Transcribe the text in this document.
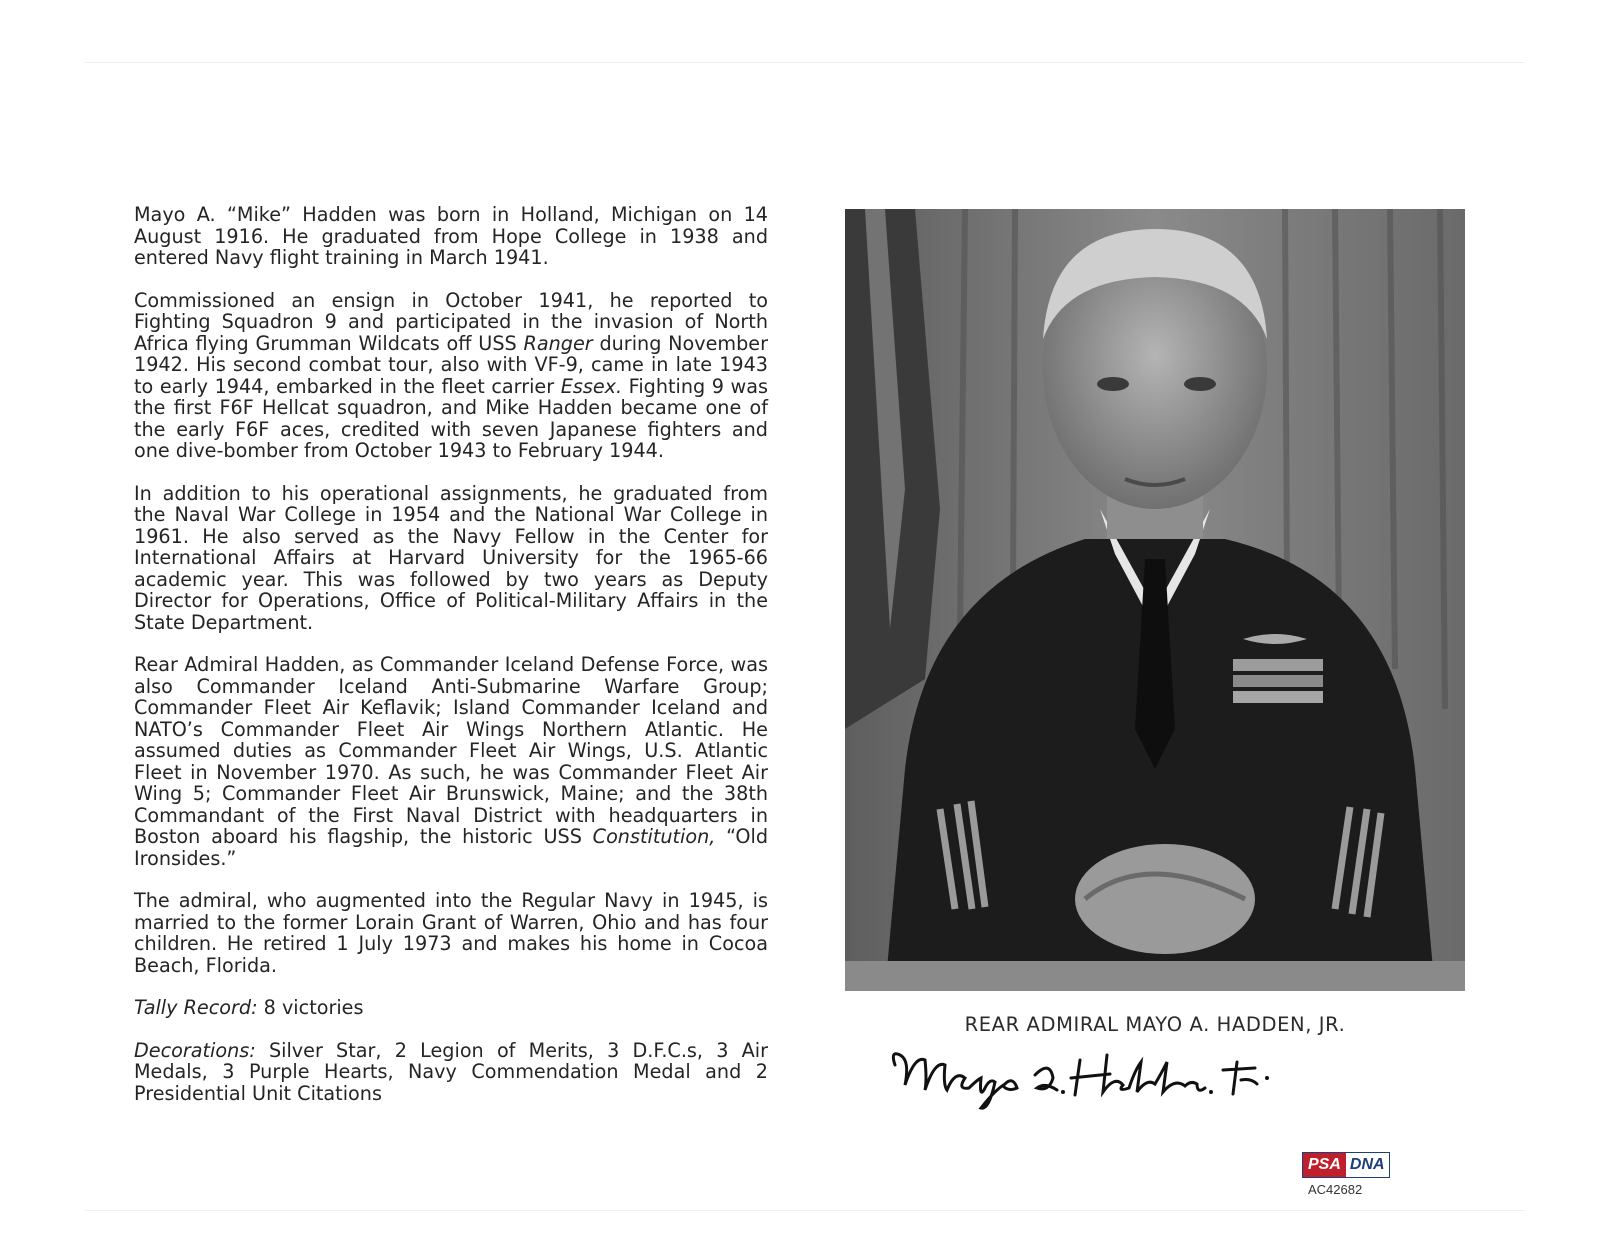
Mayo A. “Mike” Hadden was born in Holland, Michigan on 14 August 1916. He graduated from Hope College in 1938 and entered Navy flight training in March 1941.

Commissioned an ensign in October 1941, he reported to Fighting Squadron 9 and participated in the invasion of North Africa flying Grumman Wildcats off USS Ranger during November 1942. His second combat tour, also with VF-9, came in late 1943 to early 1944, embarked in the fleet carrier Essex. Fighting 9 was the first F6F Hellcat squadron, and Mike Hadden became one of the early F6F aces, credited with seven Japanese fighters and one dive-bomber from October 1943 to February 1944.

In addition to his operational assignments, he graduated from the Naval War College in 1954 and the National War College in 1961. He also served as the Navy Fellow in the Center for International Affairs at Harvard University for the 1965-66 academic year. This was followed by two years as Deputy Director for Operations, Office of Political-Military Affairs in the State Department.

Rear Admiral Hadden, as Commander Iceland Defense Force, was also Commander Iceland Anti-Submarine Warfare Group; Commander Fleet Air Keflavik; Island Commander Iceland and NATO’s Commander Fleet Air Wings Northern Atlantic. He assumed duties as Commander Fleet Air Wings, U.S. Atlantic Fleet in November 1970. As such, he was Commander Fleet Air Wing 5; Commander Fleet Air Brunswick, Maine; and the 38th Commandant of the First Naval District with headquarters in Boston aboard his flagship, the historic USS Constitution, “Old Ironsides.”

The admiral, who augmented into the Regular Navy in 1945, is married to the former Lorain Grant of Warren, Ohio and has four children. He retired 1 July 1973 and makes his home in Cocoa Beach, Florida.

Tally Record: 8 victories

Decorations: Silver Star, 2 Legion of Merits, 3 D.F.C.s, 3 Air Medals, 3 Purple Hearts, Navy Commendation Medal and 2 Presidential Unit Citations

REAR ADMIRAL MAYO A. HADDEN, JR.
PSA DNA
AC42682
